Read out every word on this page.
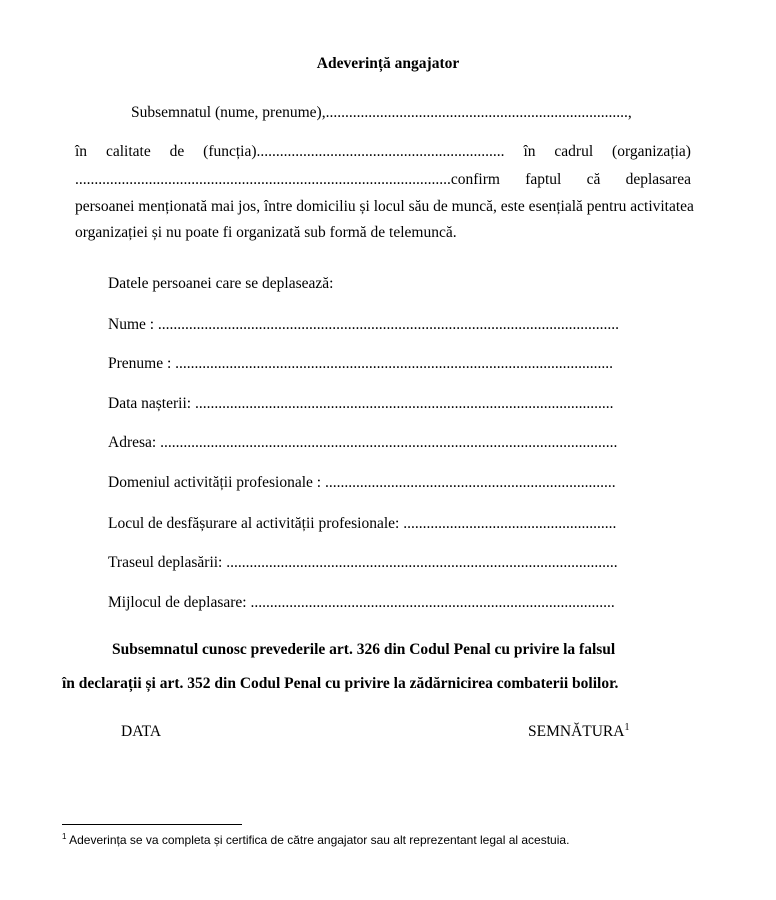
Adeverință angajator
Subsemnatul (nume, prenume),..............................................................................,
în calitate de (funcția)................................................................ în cadrul (organizația)
.................................................................................................confirm faptul că deplasarea
persoanei menționată mai jos, între domiciliu și locul său de muncă, este esențială pentru activitatea
organizației și nu poate fi organizată sub formă de telemuncă.
Datele persoanei care se deplasează:
Nume : .......................................................................................................................
Prenume : .................................................................................................................
Data nașterii: ............................................................................................................
Adresa: ......................................................................................................................
Domeniul activității profesionale : ...........................................................................
Locul de desfășurare al activității profesionale: .......................................................
Traseul deplasării: .....................................................................................................
Mijlocul de deplasare: ..............................................................................................
Subsemnatul cunosc prevederile art. 326 din Codul Penal cu privire la falsul
în declarații și art. 352 din Codul Penal cu privire la zădărnicirea combaterii bolilor.
DATA	SEMNĂTURA$^1$
$^1$ Adeverința se va completa și certifica de către angajator sau alt reprezentant legal al acestuia.
